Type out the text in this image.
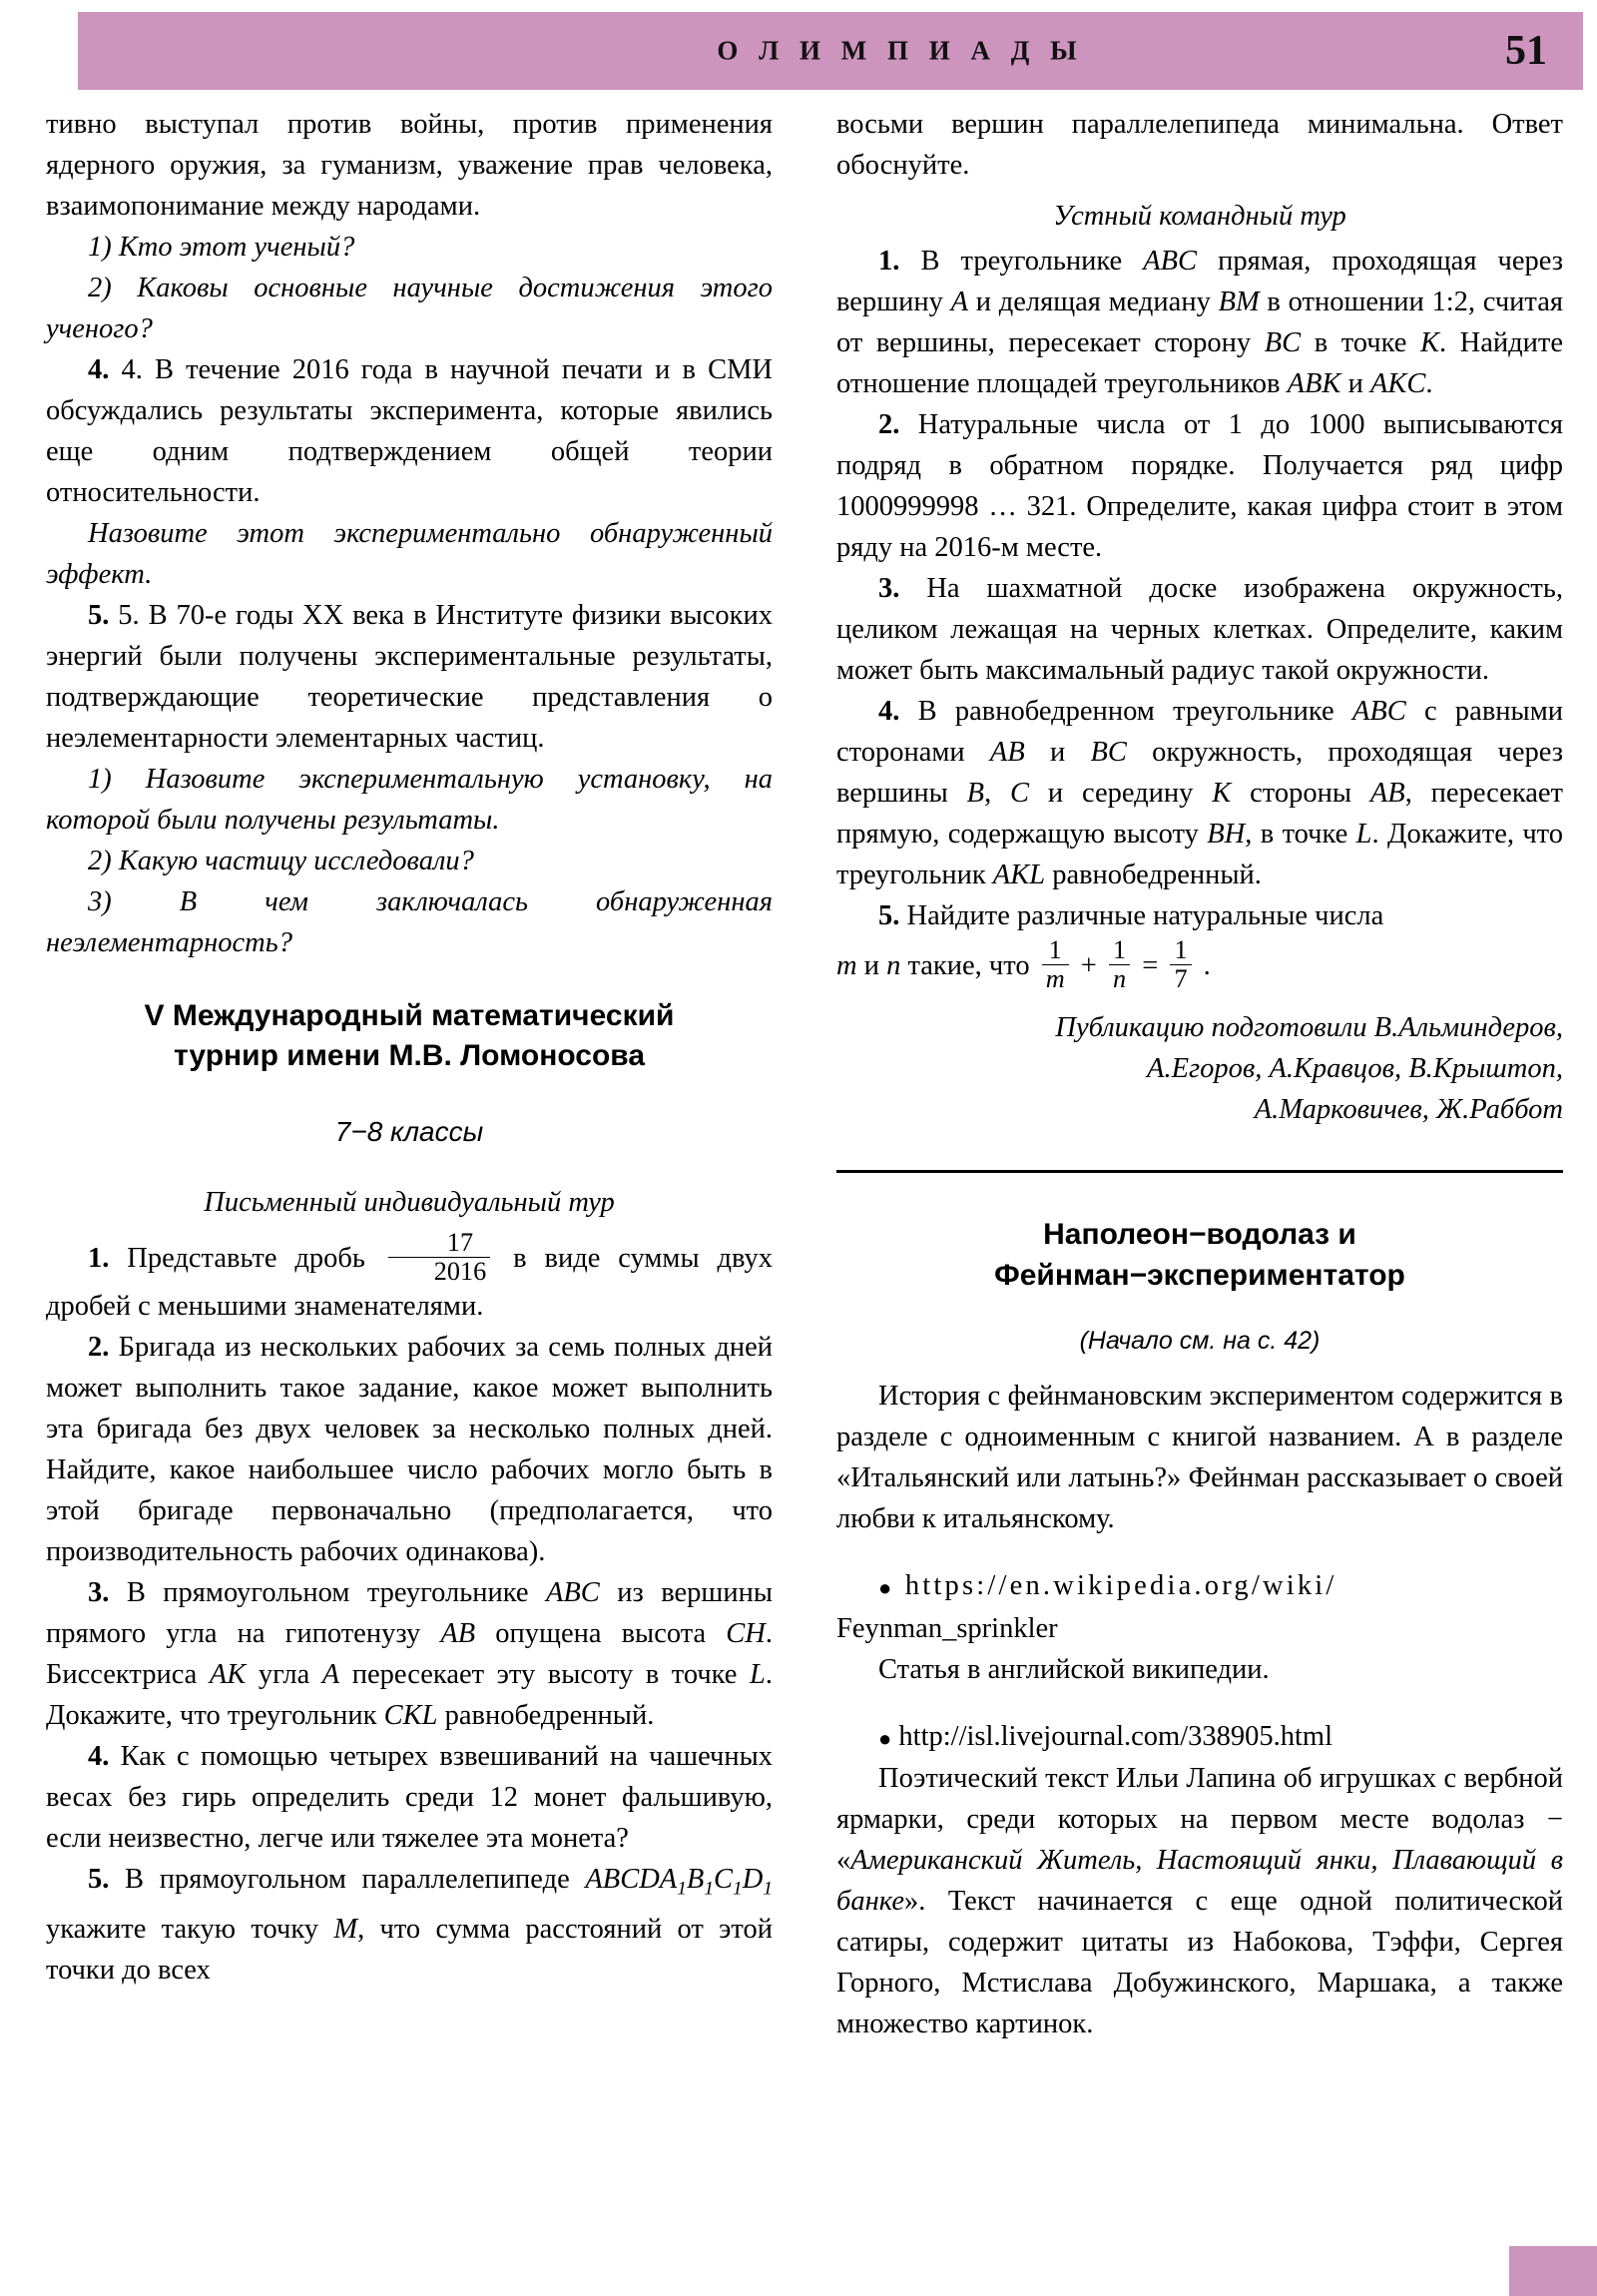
О Л И М П И А Д Ы	51

тивно выступал против войны, против применения ядерного оружия, за гуманизм, уважение прав человека, взаимопонимание между народами.

1) Кто этот ученый?

2) Каковы основные научные достижения этого ученого?

4. 4. В течение 2016 года в научной печати и в СМИ обсуждались результаты эксперимента, которые явились еще одним подтверждением общей теории относительности.

Назовите этот экспериментально обнаруженный эффект.

5. 5. В 70-е годы XX века в Институте физики высоких энергий были получены экспериментальные результаты, подтверждающие теоретические представления о неэлементарности элементарных частиц.

1) Назовите экспериментальную установку, на которой были получены результаты.

2) Какую частицу исследовали?

3) В чем заключалась обнаруженная неэлементарность?

V Международный математический

турнир имени М.В. Ломоносова

7−8 классы

Письменный индивидуальный тур

1. Представьте дробь $\frac{17}{2016}$ в виде суммы двух дробей с меньшими знаменателями.

2. Бригада из нескольких рабочих за семь полных дней может выполнить такое задание, какое может выполнить эта бригада без двух человек за несколько полных дней. Найдите, какое наибольшее число рабочих могло быть в этой бригаде первоначально (предполагается, что производительность рабочих одинакова).

3. В прямоугольном треугольнике ABC из вершины прямого угла на гипотенузу AB опущена высота CH. Биссектриса AK угла A пересекает эту высоту в точке L. Докажите, что треугольник CKL равнобедренный.

4. Как с помощью четырех взвешиваний на чашечных весах без гирь определить среди 12 монет фальшивую, если неизвестно, легче или тяжелее эта монета?

5. В прямоугольном параллелепипеде $ABCDA_1B_1C_1D_1$ укажите такую точку M, что сумма расстояний от этой точки до всех

восьми вершин параллелепипеда минимальна. Ответ обоснуйте.

Устный командный тур

1. В треугольнике ABC прямая, проходящая через вершину A и делящая медиану BM в отношении 1:2, считая от вершины, пересекает сторону BC в точке K. Найдите отношение площадей треугольников ABK и AKC.

2. Натуральные числа от 1 до 1000 выписываются подряд в обратном порядке. Получается ряд цифр 1000999998 … 321. Определите, какая цифра стоит в этом ряду на 2016-м месте.

3. На шахматной доске изображена окружность, целиком лежащая на черных клетках. Определите, каким может быть максимальный радиус такой окружности.

4. В равнобедренном треугольнике ABC с равными сторонами AB и BC окружность, проходящая через вершины B, C и середину K стороны AB, пересекает прямую, содержащую высоту BH, в точке L. Докажите, что треугольник AKL равнобедренный.

5. Найдите различные натуральные числа

m и n такие, что $\frac{1}{m} + \frac{1}{n} = \frac{1}{7}$ .

Публикацию подготовили В.Альминдеров,

А.Егоров, А.Кравцов, В.Крыштоп,

А.Марковичев, Ж.Раббот

Наполеон−водолаз и

Фейнман−экспериментатор

(Начало см. на с. 42)

История с фейнмановским экспериментом содержится в разделе с одноименным с книгой названием. А в разделе «Итальянский или латынь?» Фейнман рассказывает о своей любви к итальянскому.

● https://en.wikipedia.org/wiki/

Feynman_sprinkler

Статья в английской википедии.

● http://isl.livejournal.com/338905.html

Поэтический текст Ильи Лапина об игрушках с вербной ярмарки, среди которых на первом месте водолаз − «Американский Житель, Настоящий янки, Плавающий в банке». Текст начинается с еще одной политической сатиры, содержит цитаты из Набокова, Тэффи, Сергея Горного, Мстислава Добужинского, Маршака, а также множество картинок.
